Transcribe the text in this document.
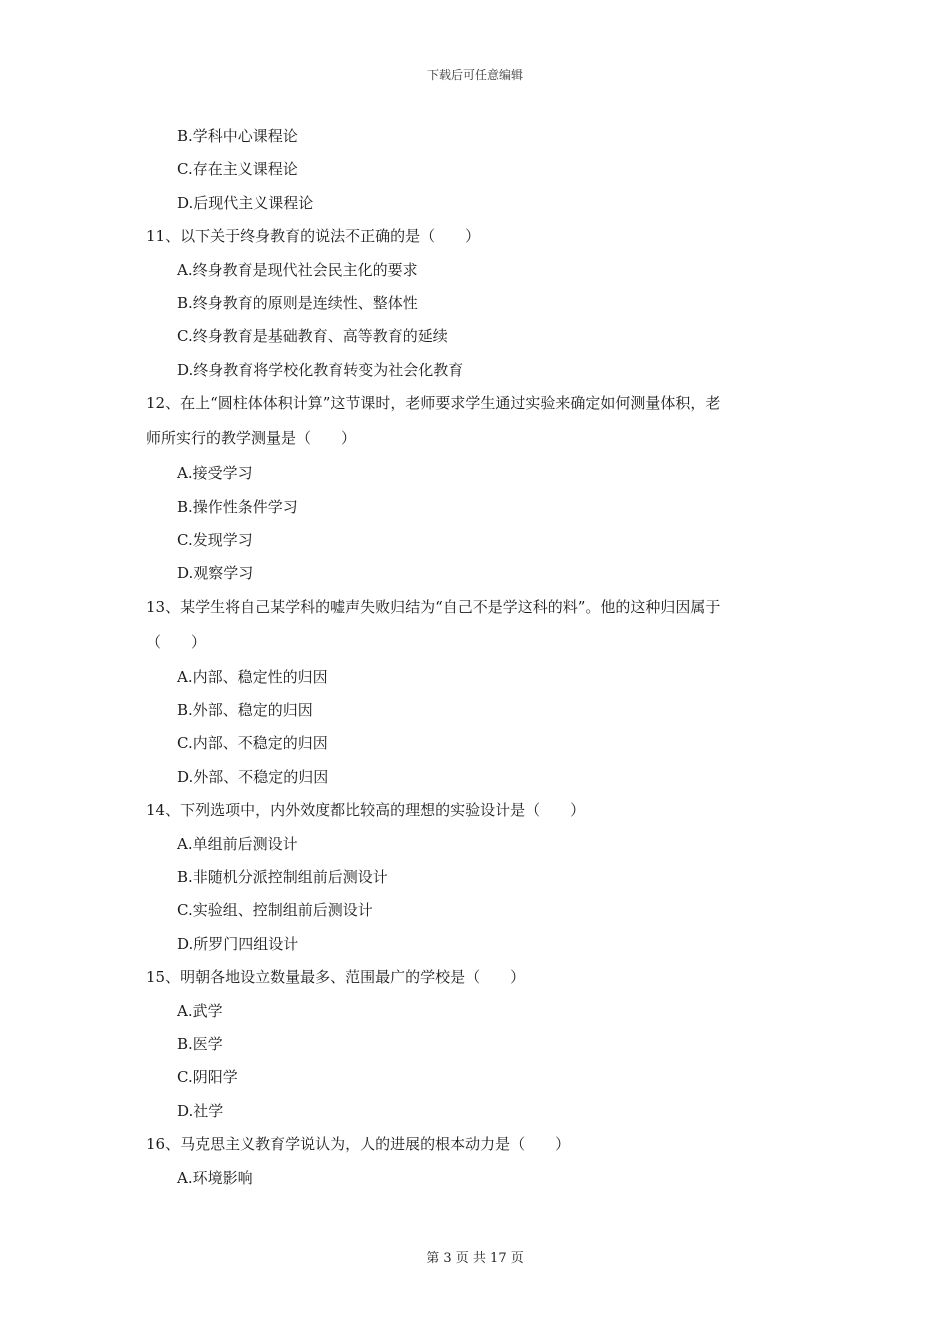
下载后可任意编辑
B.学科中心课程论
C.存在主义课程论
D.后现代主义课程论
11、以下关于终身教育的说法不正确的是（　　）
A.终身教育是现代社会民主化的要求
B.终身教育的原则是连续性、整体性
C.终身教育是基础教育、高等教育的延续
D.终身教育将学校化教育转变为社会化教育
12、在上“圆柱体体积计算”这节课时，老师要求学生通过实验来确定如何测量体积，老
师所实行的教学测量是（　　）
A.接受学习
B.操作性条件学习
C.发现学习
D.观察学习
13、某学生将自己某学科的嘘声失败归结为“自己不是学这科的料”。他的这种归因属于
（　　）
A.内部、稳定性的归因
B.外部、稳定的归因
C.内部、不稳定的归因
D.外部、不稳定的归因
14、下列选项中，内外效度都比较高的理想的实验设计是（　　）
A.单组前后测设计
B.非随机分派控制组前后测设计
C.实验组、控制组前后测设计
D.所罗门四组设计
15、明朝各地设立数量最多、范围最广的学校是（　　）
A.武学
B.医学
C.阴阳学
D.社学
16、马克思主义教育学说认为，人的进展的根本动力是（　　）
A.环境影响
第 3 页 共 17 页
